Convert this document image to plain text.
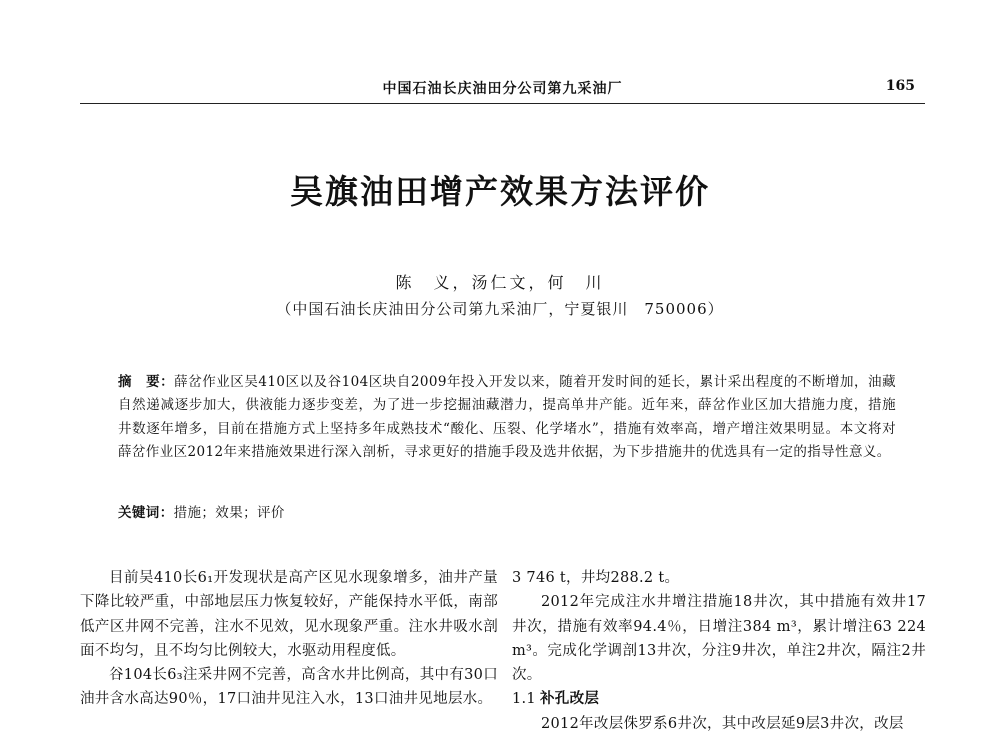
中国石油长庆油田分公司第九采油厂	165
吴旗油田增产效果方法评价
陈　义，汤仁文，何　川
（中国石油长庆油田分公司第九采油厂，宁夏银川　750006）
摘　要：薛岔作业区吴410区以及谷104区块自2009年投入开发以来，随着开发时间的延长，累计采出程度的不断增加，油藏自然递减逐步加大，供液能力逐步变差，为了进一步挖掘油藏潜力，提高单井产能。近年来，薛岔作业区加大措施力度，措施井数逐年增多，目前在措施方式上坚持多年成熟技术“酸化、压裂、化学堵水”，措施有效率高，增产增注效果明显。本文将对薛岔作业区2012年来措施效果进行深入剖析，寻求更好的措施手段及选井依据，为下步措施井的优选具有一定的指导性意义。
关键词：措施；效果；评价

目前吴410长6₁开发现状是高产区见水现象增多，油井产量下降比较严重，中部地层压力恢复较好，产能保持水平低，南部低产区井网不完善，注水不见效，见水现象严重。注水井吸水剖面不均匀，且不均匀比例较大，水驱动用程度低。

谷104长6₃注采井网不完善，高含水井比例高，其中有30口油井含水高达90％，17口油井见注入水，13口油井见地层水。

3 746 t，井均288.2 t。

2012年完成注水井增注措施18井次，其中措施有效井17井次，措施有效率94.4％，日增注384 m³，累计增注63 224 m³。完成化学调剖13井次，分注9井次，单注2井次，隔注2井次。

1.1 补孔改层

2012年改层侏罗系6井次，其中改层延9层3井次，改层
